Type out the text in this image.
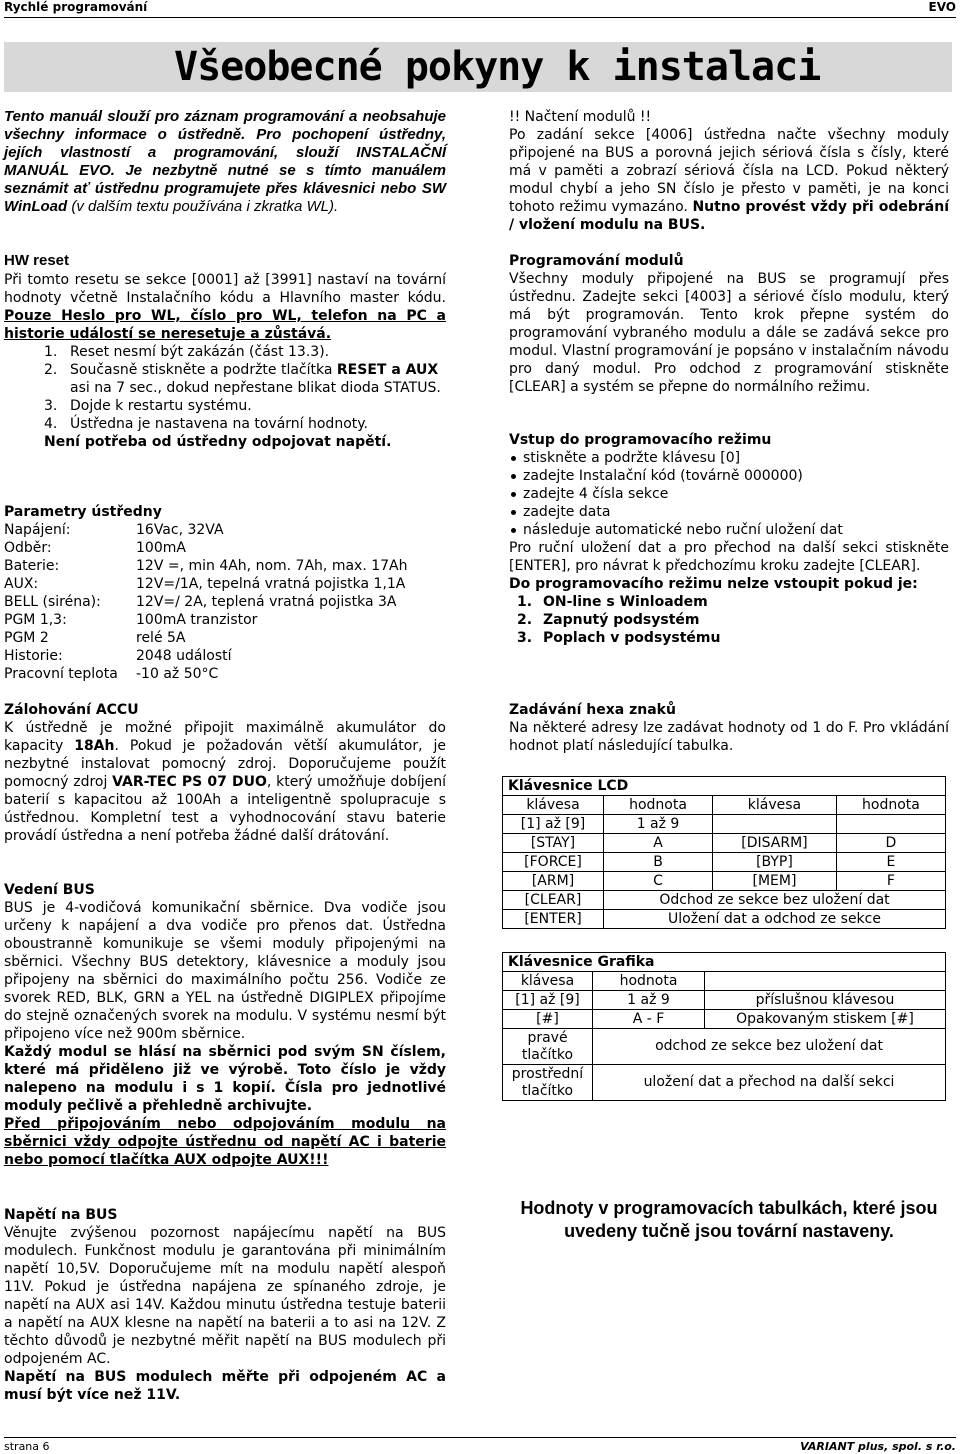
Rychlé programování	EVO
Všeobecné pokyny k instalaci
Tento manuál slouží pro záznam programování a neobsahuje všechny informace o ústředně. Pro pochopení ústředny, jejích vlastností a programování, slouží INSTALAČNÍ MANUÁL EVO. Je nezbytně nutné se s tímto manuálem seznámit ať ústřednu programujete přes klávesnici nebo SW WinLoad (v dalším textu používána i zkratka WL).
HW reset
Při tomto resetu se sekce [0001] až [3991] nastaví na tovární hodnoty včetně Instalačního kódu a Hlavního master kódu. Pouze Heslo pro WL, číslo pro WL, telefon na PC a historie událostí se neresetuje a zůstává.
1. Reset nesmí být zakázán (část 13.3).
2. Současně stiskněte a podržte tlačítka RESET a AUX asi na 7 sec., dokud nepřestane blikat dioda STATUS.
3. Dojde k restartu systému.
4. Ústředna je nastavena na tovární hodnoty.
Není potřeba od ústředny odpojovat napětí.
Parametry ústředny
Napájení:	16Vac, 32VA
Odběr:	100mA
Baterie:	12V =, min 4Ah, nom. 7Ah, max. 17Ah
AUX:	12V=/1A, tepelná vratná pojistka 1,1A
BELL (siréna):	12V=/ 2A, teplená vratná pojistka 3A
PGM 1,3:	100mA tranzistor
PGM 2	relé 5A
Historie:	2048 událostí
Pracovní teplota	-10 až 50°C
Zálohování ACCU
K ústředně je možné připojit maximálně akumulátor do kapacity 18Ah. Pokud je požadován větší akumulátor, je nezbytné instalovat pomocný zdroj. Doporučujeme použít pomocný zdroj VAR-TEC PS 07 DUO, který umožňuje dobíjení baterií s kapacitou až 100Ah a inteligentně spolupracuje s ústřednou. Kompletní test a vyhodnocování stavu baterie provádí ústředna a není potřeba žádné další drátování.
Vedení BUS
BUS je 4-vodičová komunikační sběrnice. Dva vodiče jsou určeny k napájení a dva vodiče pro přenos dat. Ústředna oboustranně komunikuje se všemi moduly připojenými na sběrnici. Všechny BUS detektory, klávesnice a moduly jsou připojeny na sběrnici do maximálního počtu 256. Vodiče ze svorek RED, BLK, GRN a YEL na ústředně DIGIPLEX připojíme do stejně označených svorek na modulu. V systému nesmí být připojeno více než 900m sběrnice.
Každý modul se hlásí na sběrnici pod svým SN číslem, které má přiděleno již ve výrobě. Toto číslo je vždy nalepeno na modulu i s 1 kopií. Čísla pro jednotlivé moduly pečlivě a přehledně archivujte.
Před připojováním nebo odpojováním modulu na sběrnici vždy odpojte ústřednu od napětí AC i baterie nebo pomocí tlačítka AUX odpojte AUX!!!
Napětí na BUS
Věnujte zvýšenou pozornost napájecímu napětí na BUS modulech. Funkčnost modulu je garantována při minimálním napětí 10,5V. Doporučujeme mít na modulu napětí alespoň 11V. Pokud je ústředna napájena ze spínaného zdroje, je napětí na AUX asi 14V. Každou minutu ústředna testuje baterii a napětí na AUX klesne na napětí na baterii a to asi na 12V. Z těchto důvodů je nezbytné měřit napětí na BUS modulech při odpojeném AC.
Napětí na BUS modulech měřte při odpojeném AC a musí být více než 11V.
!! Načtení modulů !!
Po zadání sekce [4006] ústředna načte všechny moduly připojené na BUS a porovná jejich sériová čísla s čísly, které má v paměti a zobrazí sériová čísla na LCD. Pokud některý modul chybí a jeho SN číslo je přesto v paměti, je na konci tohoto režimu vymazáno. Nutno provést vždy při odebrání / vložení modulu na BUS.
Programování modulů
Všechny moduly připojené na BUS se programují přes ústřednu. Zadejte sekci [4003] a sériové číslo modulu, který má být programován. Tento krok přepne systém do programování vybraného modulu a dále se zadává sekce pro modul. Vlastní programování je popsáno v instalačním návodu pro daný modul. Pro odchod z programování stiskněte [CLEAR] a systém se přepne do normálního režimu.
Vstup do programovacího režimu
stiskněte a podržte klávesu [0]
zadejte Instalační kód (továrně 000000)
zadejte 4 čísla sekce
zadejte data
následuje automatické nebo ruční uložení dat
Pro ruční uložení dat a pro přechod na další sekci stiskněte [ENTER], pro návrat k předchozímu kroku zadejte [CLEAR].
Do programovacího režimu nelze vstoupit pokud je:
1. ON-line s Winloadem
2. Zapnutý podsystém
3. Poplach v podsystému
Zadávání hexa znaků
Na některé adresy lze zadávat hodnoty od 1 do F. Pro vkládání hodnot platí následující tabulka.
Klávesnice LCD			
klávesa	hodnota	klávesa	hodnota
[1] až [9]	1 až 9		
[STAY]	A	[DISARM]	D
[FORCE]	B	[BYP]	E
[ARM]	C	[MEM]	F
[CLEAR]	Odchod ze sekce bez uložení dat		
[ENTER]	Uložení dat a odchod ze sekce		
Klávesnice Grafika		
klávesa	hodnota	
[1] až [9]	1 až 9	příslušnou klávesou
[#]	A - F	Opakovaným stiskem [#]
pravé tlačítko	odchod ze sekce bez uložení dat	
prostřední tlačítko	uložení dat a přechod na další sekci	
Hodnoty v programovacích tabulkách, které jsou uvedeny tučně jsou tovární nastaveny.
strana 6	VARIANT plus, spol. s r.o.
